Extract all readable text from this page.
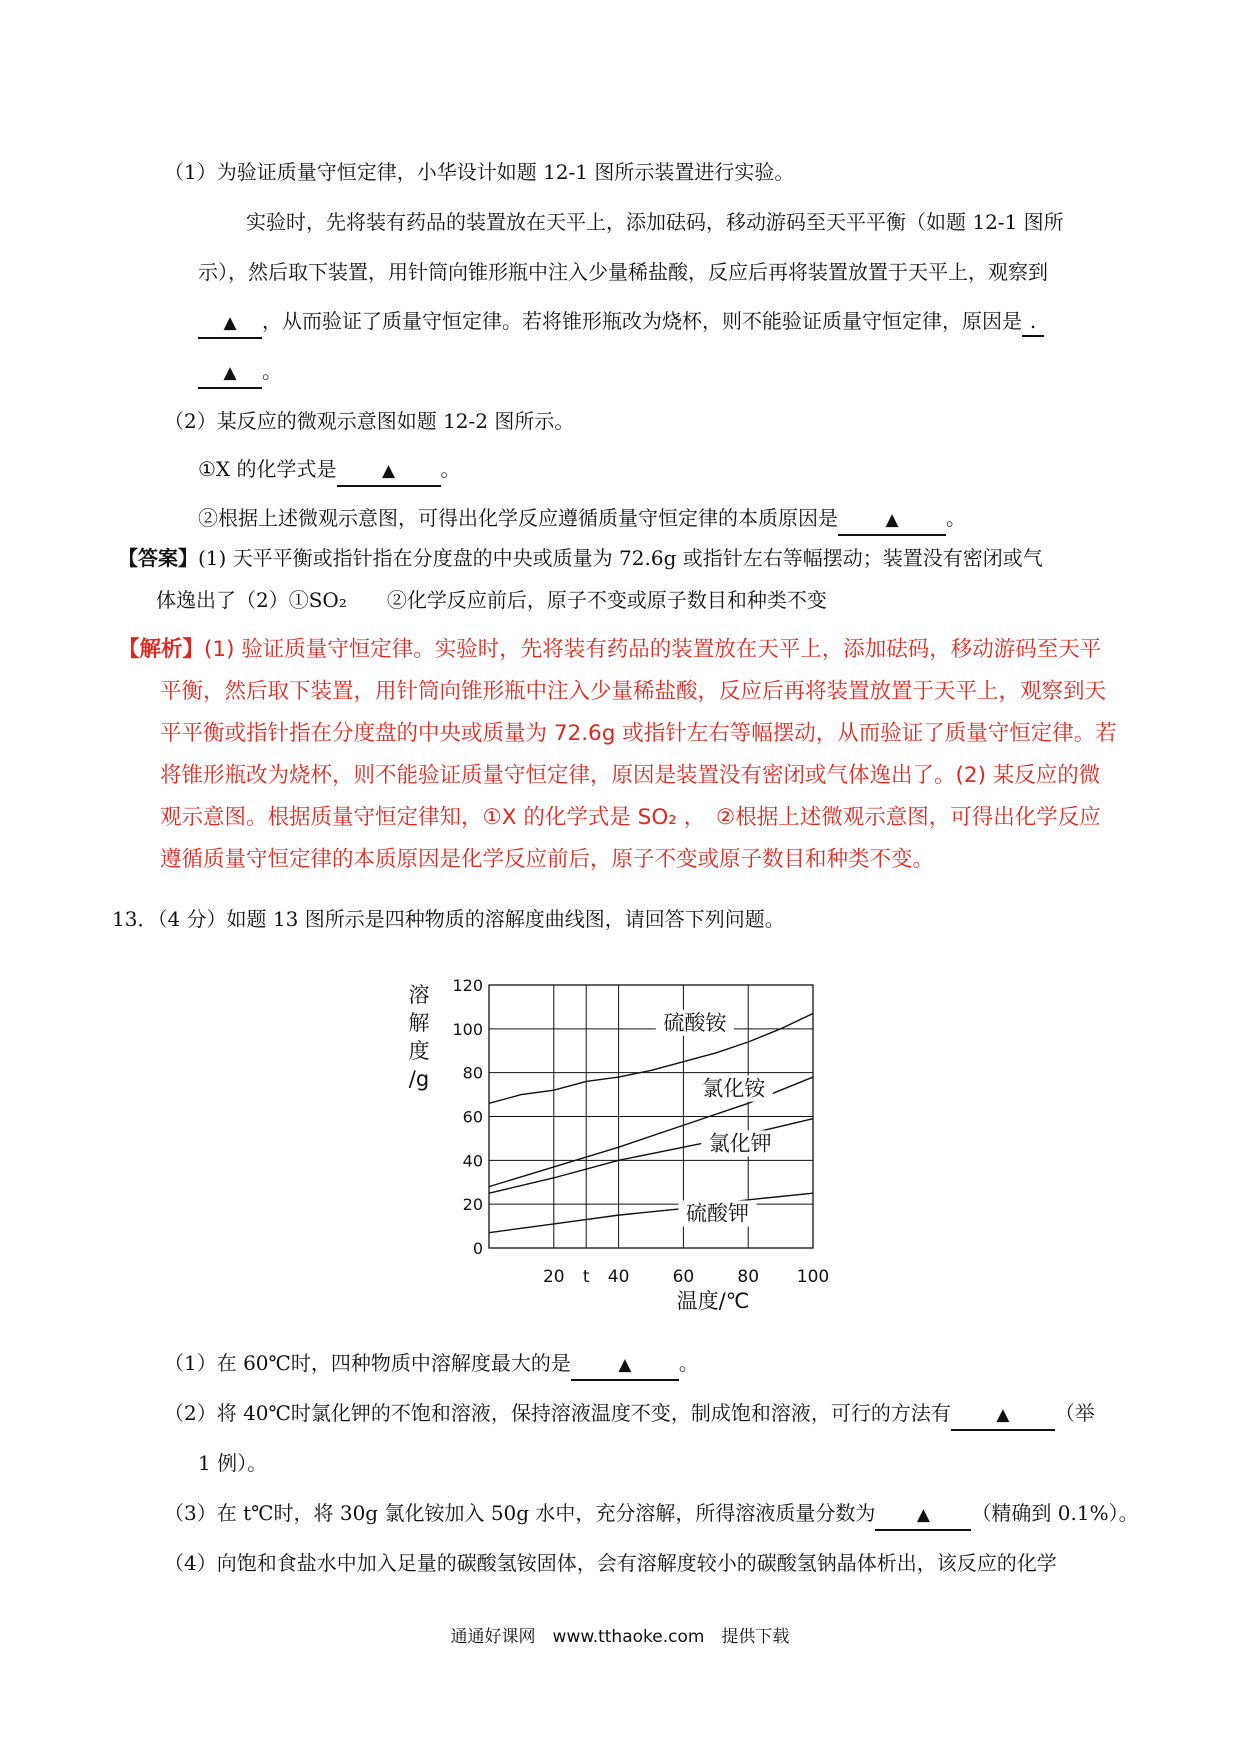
（1）为验证质量守恒定律，小华设计如题 12-1 图所示装置进行实验。
实验时，先将装有药品的装置放在天平上，添加砝码，移动游码至天平平衡（如题 12-1 图所
示），然后取下装置，用针筒向锥形瓶中注入少量稀盐酸，反应后再将装置放置于天平上，观察到
▲ ，从而验证了质量守恒定律。若将锥形瓶改为烧杯，则不能验证质量守恒定律，原因是 .
▲ 。
（2）某反应的微观示意图如题 12-2 图所示。
①X 的化学式是	▲ 。
②根据上述微观示意图，可得出化学反应遵循质量守恒定律的本质原因是	▲ 。
【答案】(1) 天平平衡或指针指在分度盘的中央或质量为 72.6g 或指针左右等幅摆动；装置没有密闭或气
体逸出了（2）①SO₂　　②化学反应前后，原子不变或原子数目和种类不变
【解析】(1) 验证质量守恒定律。实验时，先将装有药品的装置放在天平上，添加砝码，移动游码至天平
平衡，然后取下装置，用针筒向锥形瓶中注入少量稀盐酸，反应后再将装置放置于天平上，观察到天
平平衡或指针指在分度盘的中央或质量为 72.6g 或指针左右等幅摆动，从而验证了质量守恒定律。若
将锥形瓶改为烧杯，则不能验证质量守恒定律，原因是装置没有密闭或气体逸出了。(2) 某反应的微
观示意图。根据质量守恒定律知，①X 的化学式是 SO₂ ，　②根据上述微观示意图，可得出化学反应
遵循质量守恒定律的本质原因是化学反应前后，原子不变或原子数目和种类不变。
13．（4 分）如题 13 图所示是四种物质的溶解度曲线图，请回答下列问题。
0
20
40
60
80
100
120
20 t 40	60	80 100
硫酸铵
氯化铵
氯化钾
硫酸钾
溶
解
度
/g
温度/℃
（1）在 60℃时，四种物质中溶解度最大的是	▲ 。
（2）将 40℃时氯化钾的不饱和溶液，保持溶液温度不变，制成饱和溶液，可行的方法有	▲ （举
1 例）。
（3）在 t℃时，将 30g 氯化铵加入 50g 水中，充分溶解，所得溶液质量分数为 ▲ （精确到 0.1%）。
（4）向饱和食盐水中加入足量的碳酸氢铵固体，会有溶解度较小的碳酸氢钠晶体析出，该反应的化学
通通好课网　www.tthaoke.com　提供下载
